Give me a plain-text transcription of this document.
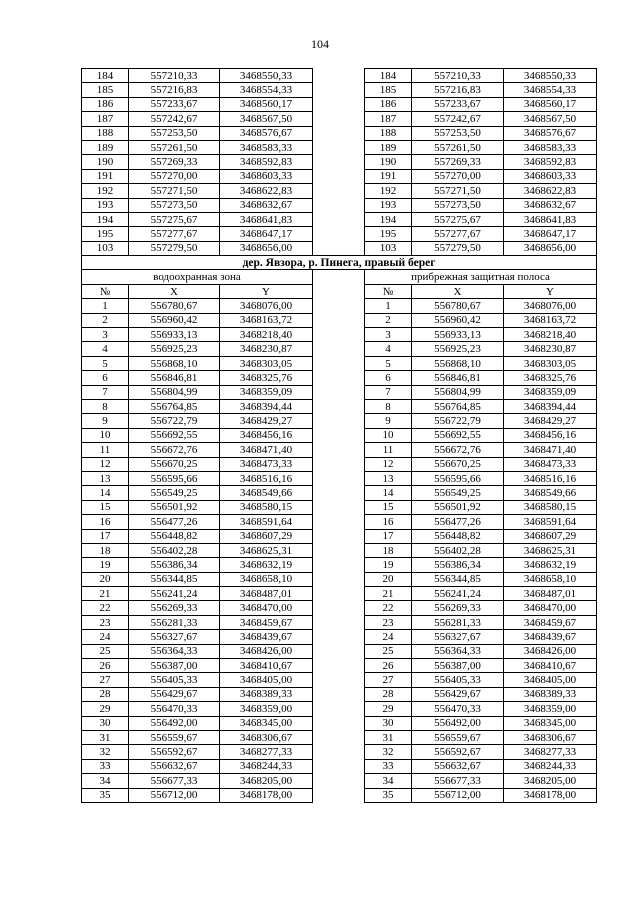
104
184	557210,33	3468550,33		184	557210,33	3468550,33
185	557216,83	3468554,33		185	557216,83	3468554,33
186	557233,67	3468560,17		186	557233,67	3468560,17
187	557242,67	3468567,50		187	557242,67	3468567,50
188	557253,50	3468576,67		188	557253,50	3468576,67
189	557261,50	3468583,33		189	557261,50	3468583,33
190	557269,33	3468592,83		190	557269,33	3468592,83
191	557270,00	3468603,33		191	557270,00	3468603,33
192	557271,50	3468622,83		192	557271,50	3468622,83
193	557273,50	3468632,67		193	557273,50	3468632,67
194	557275,67	3468641,83		194	557275,67	3468641,83
195	557277,67	3468647,17		195	557277,67	3468647,17
103	557279,50	3468656,00		103	557279,50	3468656,00
дер. Явзора, р. Пинега, правый берег						
водоохранная зона				прибрежная защитная полоса		
№	X	Y		№	X	Y
1	556780,67	3468076,00		1	556780,67	3468076,00
2	556960,42	3468163,72		2	556960,42	3468163,72
3	556933,13	3468218,40		3	556933,13	3468218,40
4	556925,23	3468230,87		4	556925,23	3468230,87
5	556868,10	3468303,05		5	556868,10	3468303,05
6	556846,81	3468325,76		6	556846,81	3468325,76
7	556804,99	3468359,09		7	556804,99	3468359,09
8	556764,85	3468394,44		8	556764,85	3468394,44
9	556722,79	3468429,27		9	556722,79	3468429,27
10	556692,55	3468456,16		10	556692,55	3468456,16
11	556672,76	3468471,40		11	556672,76	3468471,40
12	556670,25	3468473,33		12	556670,25	3468473,33
13	556595,66	3468516,16		13	556595,66	3468516,16
14	556549,25	3468549,66		14	556549,25	3468549,66
15	556501,92	3468580,15		15	556501,92	3468580,15
16	556477,26	3468591,64		16	556477,26	3468591,64
17	556448,82	3468607,29		17	556448,82	3468607,29
18	556402,28	3468625,31		18	556402,28	3468625,31
19	556386,34	3468632,19		19	556386,34	3468632,19
20	556344,85	3468658,10		20	556344,85	3468658,10
21	556241,24	3468487,01		21	556241,24	3468487,01
22	556269,33	3468470,00		22	556269,33	3468470,00
23	556281,33	3468459,67		23	556281,33	3468459,67
24	556327,67	3468439,67		24	556327,67	3468439,67
25	556364,33	3468426,00		25	556364,33	3468426,00
26	556387,00	3468410,67		26	556387,00	3468410,67
27	556405,33	3468405,00		27	556405,33	3468405,00
28	556429,67	3468389,33		28	556429,67	3468389,33
29	556470,33	3468359,00		29	556470,33	3468359,00
30	556492,00	3468345,00		30	556492,00	3468345,00
31	556559,67	3468306,67		31	556559,67	3468306,67
32	556592,67	3468277,33		32	556592,67	3468277,33
33	556632,67	3468244,33		33	556632,67	3468244,33
34	556677,33	3468205,00		34	556677,33	3468205,00
35	556712,00	3468178,00		35	556712,00	3468178,00
